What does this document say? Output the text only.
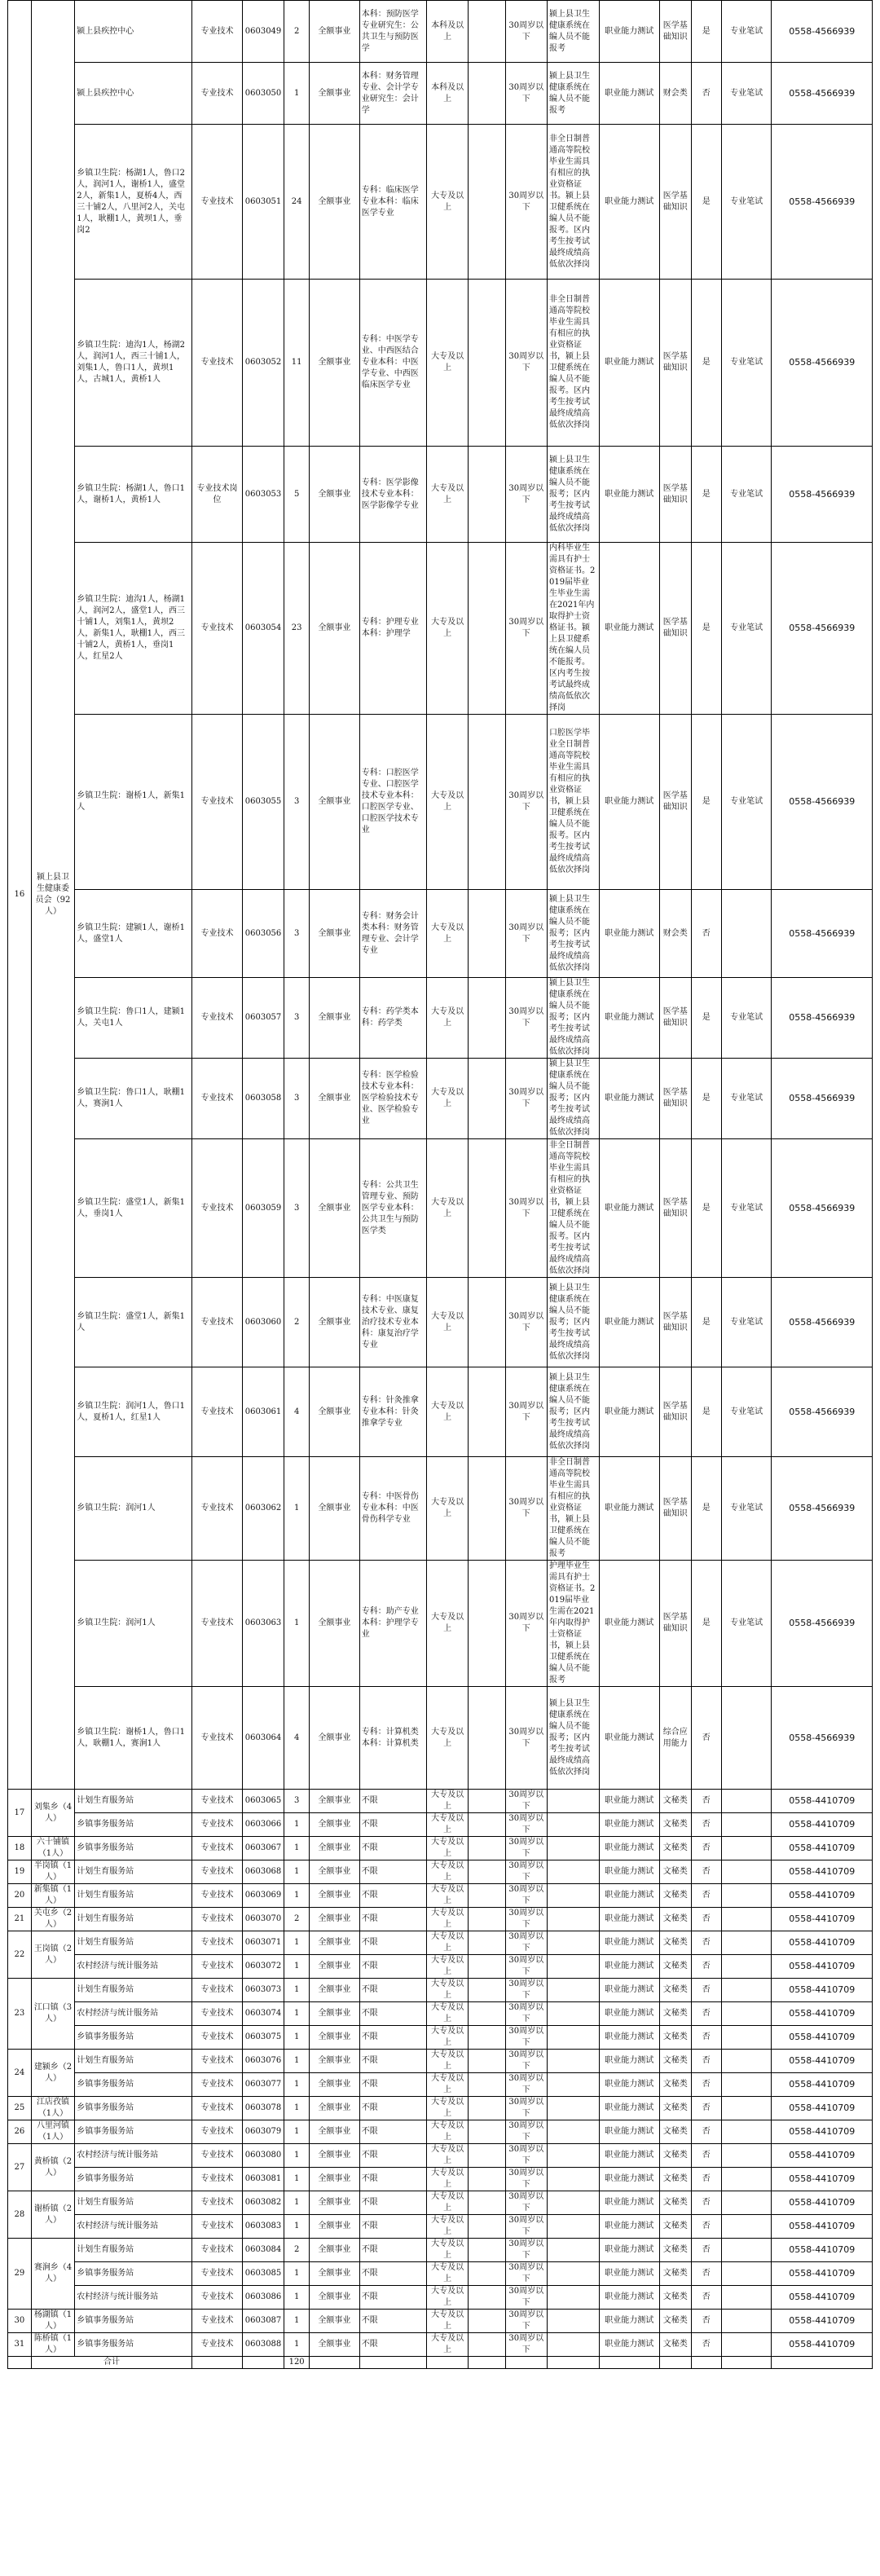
16	颍上县卫生健康委员会（92人）	颍上县疾控中心	专业技术	0603049	2	全额事业	本科：预防医学专业研究生：公共卫生与预防医学	本科及以上		30周岁以下	颍上县卫生健康系统在编人员不能报考	职业能力测试	医学基础知识	是	专业笔试	0558-4566939
		颍上县疾控中心	专业技术	0603050	1	全额事业	本科：财务管理专业、会计学专业研究生：会计学	本科及以上		30周岁以下	颍上县卫生健康系统在编人员不能报考	职业能力测试	财会类	否	专业笔试	0558-4566939
		乡镇卫生院：杨湖1人，鲁口2人，润河1人，谢桥1人，盛堂2人，新集1人，夏桥4人，西三十铺2人，八里河2人，关屯1人，耿棚1人，黄坝1人，垂岗2	专业技术	0603051	24	全额事业	专科：临床医学专业本科：临床医学专业	大专及以上		30周岁以下	非全日制普通高等院校毕业生需具有相应的执业资格证书。颍上县卫健系统在编人员不能报考。区内考生按考试最终成绩高低依次择岗	职业能力测试	医学基础知识	是	专业笔试	0558-4566939
		乡镇卫生院：迪沟1人，杨湖2人，润河1人，西三十铺1人，刘集1人，鲁口1人，黄坝1人，古城1人，黄桥1人	专业技术	0603052	11	全额事业	专科：中医学专业、中西医结合专业本科：中医学专业、中西医临床医学专业	大专及以上		30周岁以下	非全日制普通高等院校毕业生需具有相应的执业资格证书，颍上县卫健系统在编人员不能报考。区内考生按考试最终成绩高低依次择岗	职业能力测试	医学基础知识	是	专业笔试	0558-4566939
		乡镇卫生院：杨湖1人，鲁口1人，谢桥1人，黄桥1人	专业技术岗位	0603053	5	全额事业	专科：医学影像技术专业本科：医学影像学专业	大专及以上		30周岁以下	颍上县卫生健康系统在编人员不能报考；区内考生按考试最终成绩高低依次择岗	职业能力测试	医学基础知识	是	专业笔试	0558-4566939
		乡镇卫生院：迪沟1人，杨湖1人，润河2人，盛堂1人，西三十铺1人，刘集1人，黄坝2人，新集1人，耿棚1人，西三十铺2人，黄桥1人，垂岗1人，红星2人	专业技术	0603054	23	全额事业	专科：护理专业本科：护理学	大专及以上		30周岁以下	内科毕业生需具有护士资格证书。2019届毕业生毕业生需在2021年内取得护士资格证书。颍上县卫健系统在编人员不能报考。区内考生按考试最终成绩高低依次择岗	职业能力测试	医学基础知识	是	专业笔试	0558-4566939
		乡镇卫生院：谢桥1人，新集1人	专业技术	0603055	3	全额事业	专科：口腔医学专业、口腔医学技术专业本科：口腔医学专业、口腔医学技术专业	大专及以上		30周岁以下	口腔医学毕业全日制普通高等院校毕业生需具有相应的执业资格证书，颍上县卫健系统在编人员不能报考。区内考生按考试最终成绩高低依次择岗	职业能力测试	医学基础知识	是	专业笔试	0558-4566939
		乡镇卫生院：建颍1人，谢桥1人，盛堂1人	专业技术	0603056	3	全额事业	专科：财务会计类本科：财务管理专业、会计学专业	大专及以上		30周岁以下	颍上县卫生健康系统在编人员不能报考；区内考生按考试最终成绩高低依次择岗	职业能力测试	财会类	否		0558-4566939
		乡镇卫生院：鲁口1人，建颍1人，关屯1人	专业技术	0603057	3	全额事业	专科：药学类本科：药学类	大专及以上		30周岁以下	颍上县卫生健康系统在编人员不能报考；区内考生按考试最终成绩高低依次择岗	职业能力测试	医学基础知识	是	专业笔试	0558-4566939
		乡镇卫生院：鲁口1人，耿棚1人，赛涧1人	专业技术	0603058	3	全额事业	专科：医学检验技术专业本科：医学检验技术专业、医学检验专业	大专及以上		30周岁以下	颍上县卫生健康系统在编人员不能报考；区内考生按考试最终成绩高低依次择岗	职业能力测试	医学基础知识	是	专业笔试	0558-4566939
		乡镇卫生院：盛堂1人，新集1人，垂岗1人	专业技术	0603059	3	全额事业	专科：公共卫生管理专业、预防医学专业本科：公共卫生与预防医学类	大专及以上		30周岁以下	非全日制普通高等院校毕业生需具有相应的执业资格证书，颍上县卫健系统在编人员不能报考。区内考生按考试最终成绩高低依次择岗	职业能力测试	医学基础知识	是	专业笔试	0558-4566939
		乡镇卫生院：盛堂1人，新集1人	专业技术	0603060	2	全额事业	专科：中医康复技术专业、康复治疗技术专业本科：康复治疗学专业	大专及以上		30周岁以下	颍上县卫生健康系统在编人员不能报考；区内考生按考试最终成绩高低依次择岗	职业能力测试	医学基础知识	是	专业笔试	0558-4566939
		乡镇卫生院：润河1人，鲁口1人，夏桥1人，红星1人	专业技术	0603061	4	全额事业	专科：针灸推拿专业本科：针灸推拿学专业	大专及以上		30周岁以下	颍上县卫生健康系统在编人员不能报考；区内考生按考试最终成绩高低依次择岗	职业能力测试	医学基础知识	是	专业笔试	0558-4566939
		乡镇卫生院：润河1人	专业技术	0603062	1	全额事业	专科：中医骨伤专业本科：中医骨伤科学专业	大专及以上		30周岁以下	非全日制普通高等院校毕业生需具有相应的执业资格证书，颍上县卫健系统在编人员不能报考	职业能力测试	医学基础知识	是	专业笔试	0558-4566939
		乡镇卫生院：润河1人	专业技术	0603063	1	全额事业	专科：助产专业本科：护理学专业	大专及以上		30周岁以下	护理毕业生需具有护士资格证书。2019届毕业生需在2021年内取得护士资格证书，颍上县卫健系统在编人员不能报考	职业能力测试	医学基础知识	是	专业笔试	0558-4566939
		乡镇卫生院：谢桥1人，鲁口1人，耿棚1人，赛涧1人	专业技术	0603064	4	全额事业	专科：计算机类本科：计算机类	大专及以上		30周岁以下	颍上县卫生健康系统在编人员不能报考；区内考生按考试最终成绩高低依次择岗	职业能力测试	综合应用能力	否		0558-4566939
17	刘集乡（4人）	计划生育服务站	专业技术	0603065	3	全额事业	不限	大专及以上		30周岁以下		职业能力测试	文秘类	否		0558-4410709
		乡镇事务服务站	专业技术	0603066	1	全额事业	不限	大专及以上		30周岁以下		职业能力测试	文秘类	否		0558-4410709
18	六十铺镇（1人）	乡镇事务服务站	专业技术	0603067	1	全额事业	不限	大专及以上		30周岁以下		职业能力测试	文秘类	否		0558-4410709
19	半岗镇（1人）	计划生育服务站	专业技术	0603068	1	全额事业	不限	大专及以上		30周岁以下		职业能力测试	文秘类	否		0558-4410709
20	新集镇（1人）	计划生育服务站	专业技术	0603069	1	全额事业	不限	大专及以上		30周岁以下		职业能力测试	文秘类	否		0558-4410709
21	关屯乡（2人）	计划生育服务站	专业技术	0603070	2	全额事业	不限	大专及以上		30周岁以下		职业能力测试	文秘类	否		0558-4410709
22	王岗镇（2人）	计划生育服务站	专业技术	0603071	1	全额事业	不限	大专及以上		30周岁以下		职业能力测试	文秘类	否		0558-4410709
		农村经济与统计服务站	专业技术	0603072	1	全额事业	不限	大专及以上		30周岁以下		职业能力测试	文秘类	否		0558-4410709
23	江口镇（3人）	计划生育服务站	专业技术	0603073	1	全额事业	不限	大专及以上		30周岁以下		职业能力测试	文秘类	否		0558-4410709
		农村经济与统计服务站	专业技术	0603074	1	全额事业	不限	大专及以上		30周岁以下		职业能力测试	文秘类	否		0558-4410709
		乡镇事务服务站	专业技术	0603075	1	全额事业	不限	大专及以上		30周岁以下		职业能力测试	文秘类	否		0558-4410709
24	建颍乡（2人）	计划生育服务站	专业技术	0603076	1	全额事业	不限	大专及以上		30周岁以下		职业能力测试	文秘类	否		0558-4410709
		乡镇事务服务站	专业技术	0603077	1	全额事业	不限	大专及以上		30周岁以下		职业能力测试	文秘类	否		0558-4410709
25	江店孜镇（1人）	乡镇事务服务站	专业技术	0603078	1	全额事业	不限	大专及以上		30周岁以下		职业能力测试	文秘类	否		0558-4410709
26	八里河镇（1人）	乡镇事务服务站	专业技术	0603079	1	全额事业	不限	大专及以上		30周岁以下		职业能力测试	文秘类	否		0558-4410709
27	黄桥镇（2人）	农村经济与统计服务站	专业技术	0603080	1	全额事业	不限	大专及以上		30周岁以下		职业能力测试	文秘类	否		0558-4410709
		乡镇事务服务站	专业技术	0603081	1	全额事业	不限	大专及以上		30周岁以下		职业能力测试	文秘类	否		0558-4410709
28	谢桥镇（2人）	计划生育服务站	专业技术	0603082	1	全额事业	不限	大专及以上		30周岁以下		职业能力测试	文秘类	否		0558-4410709
		农村经济与统计服务站	专业技术	0603083	1	全额事业	不限	大专及以上		30周岁以下		职业能力测试	文秘类	否		0558-4410709
29	赛涧乡（4人）	计划生育服务站	专业技术	0603084	2	全额事业	不限	大专及以上		30周岁以下		职业能力测试	文秘类	否		0558-4410709
		乡镇事务服务站	专业技术	0603085	1	全额事业	不限	大专及以上		30周岁以下		职业能力测试	文秘类	否		0558-4410709
		农村经济与统计服务站	专业技术	0603086	1	全额事业	不限	大专及以上		30周岁以下		职业能力测试	文秘类	否		0558-4410709
30	杨湖镇（1人）	乡镇事务服务站	专业技术	0603087	1	全额事业	不限	大专及以上		30周岁以下		职业能力测试	文秘类	否		0558-4410709
31	陈桥镇（1人）	乡镇事务服务站	专业技术	0603088	1	全额事业	不限	大专及以上		30周岁以下		职业能力测试	文秘类	否		0558-4410709
	合计				120											
